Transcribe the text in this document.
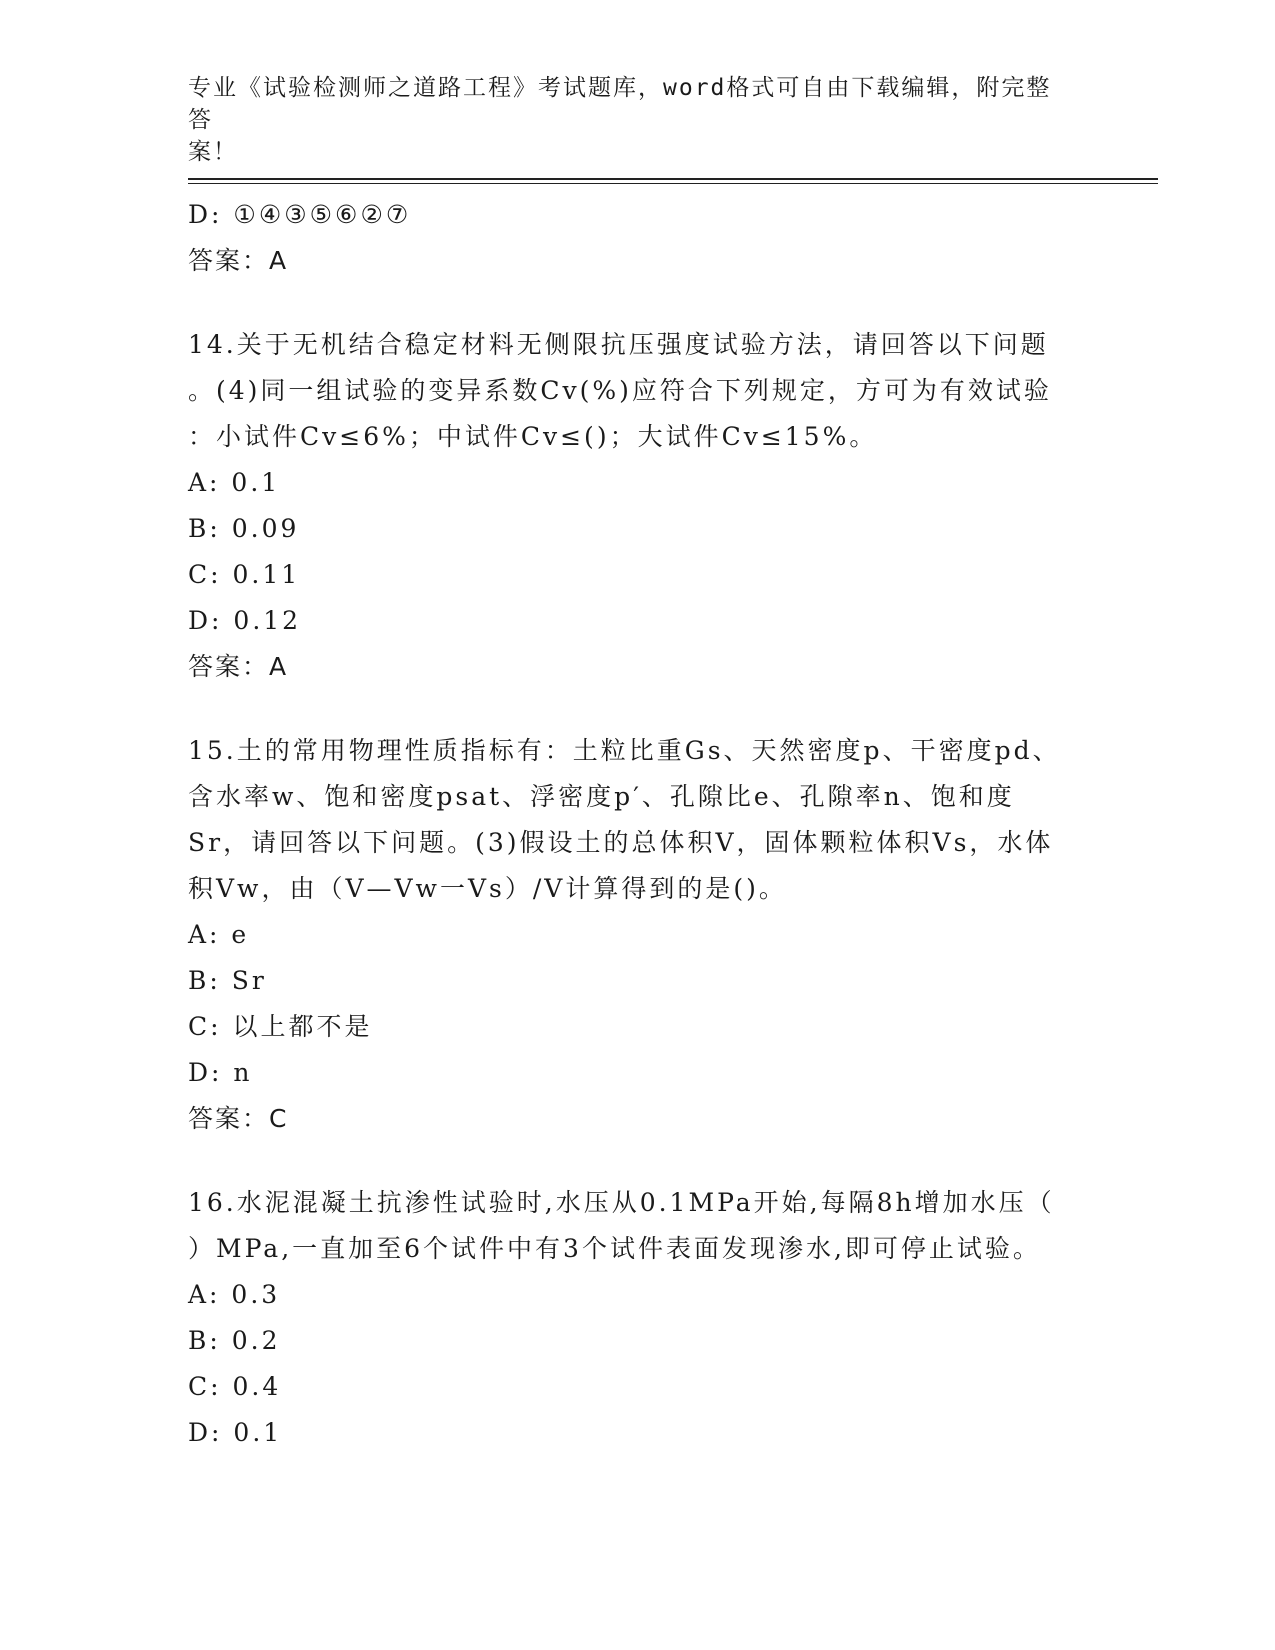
专业《试验检测师之道路工程》考试题库，word格式可自由下载编辑，附完整答
案！
D: ①④③⑤⑥②⑦
答案：A
14.关于无机结合稳定材料无侧限抗压强度试验方法，请回答以下问题
。(4)同一组试验的变异系数Cv(%)应符合下列规定，方可为有效试验
：小试件Cv≤6%；中试件Cv≤()；大试件Cv≤15%。
A: 0.1
B: 0.09
C: 0.11
D: 0.12
答案：A
15.土的常用物理性质指标有：土粒比重Gs、天然密度p、干密度pd、
含水率w、饱和密度psat、浮密度p′、孔隙比e、孔隙率n、饱和度
Sr，请回答以下问题。(3)假设土的总体积V，固体颗粒体积Vs，水体
积Vw，由（V—Vw一Vs）/V计算得到的是()。
A: e
B: Sr
C: 以上都不是
D: n
答案：C
16.水泥混凝土抗渗性试验时,水压从0.1MPa开始,每隔8h增加水压（
）MPa,一直加至6个试件中有3个试件表面发现渗水,即可停止试验。
A: 0.3
B: 0.2
C: 0.4
D: 0.1
